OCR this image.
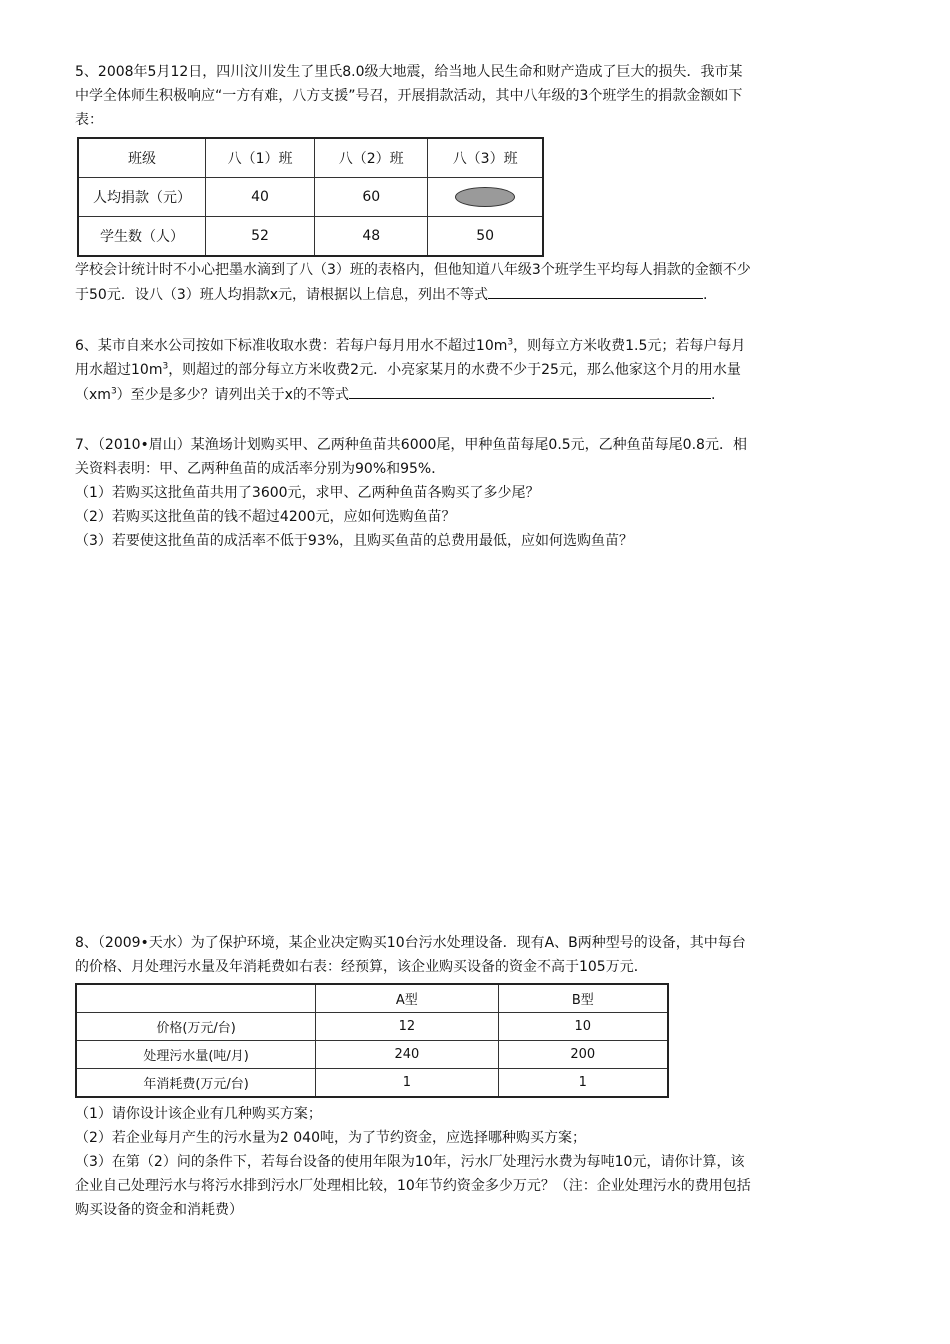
5、2008年5月12日，四川汶川发生了里氏8.0级大地震，给当地人民生命和财产造成了巨大的损失．我市某
中学全体师生积极响应“一方有难，八方支援”号召，开展捐款活动，其中八年级的3个班学生的捐款金额如下
表：
班级	八（1）班	八（2）班	八（3）班
人均捐款（元）	40	60	
学生数（人）	52	48	50
学校会计统计时不小心把墨水滴到了八（3）班的表格内，但他知道八年级3个班学生平均每人捐款的金额不少
于50元．设八（3）班人均捐款x元，请根据以上信息，列出不等式	.
6、某市自来水公司按如下标准收取水费：若每户每月用水不超过$10m^3$，则每立方米收费1.5元；若每户每月
用水超过$10m^3$，则超过的部分每立方米收费2元．小亮家某月的水费不少于25元，那么他家这个月的用水量
$(xm^3)$至少是多少？请列出关于x的不等式	.
7、（2010•眉山）某渔场计划购买甲、乙两种鱼苗共6000尾，甲种鱼苗每尾0.5元，乙种鱼苗每尾0.8元．相
关资料表明：甲、乙两种鱼苗的成活率分别为90%和95%．
（1）若购买这批鱼苗共用了3600元，求甲、乙两种鱼苗各购买了多少尾？
（2）若购买这批鱼苗的钱不超过4200元，应如何选购鱼苗？
（3）若要使这批鱼苗的成活率不低于93%，且购买鱼苗的总费用最低，应如何选购鱼苗？
8、（2009•天水）为了保护环境，某企业决定购买10台污水处理设备．现有A、B两种型号的设备，其中每台
的价格、月处理污水量及年消耗费如右表：经预算，该企业购买设备的资金不高于105万元．
	A型	B型
价格(万元/台)	12	10
处理污水量(吨/月)	240	200
年消耗费(万元/台)	1	1
（1）请你设计该企业有几种购买方案；
（2）若企业每月产生的污水量为2 040吨，为了节约资金，应选择哪种购买方案；
（3）在第（2）问的条件下，若每台设备的使用年限为10年，污水厂处理污水费为每吨10元，请你计算，该
企业自己处理污水与将污水排到污水厂处理相比较，10年节约资金多少万元？（注：企业处理污水的费用包括
购买设备的资金和消耗费）
